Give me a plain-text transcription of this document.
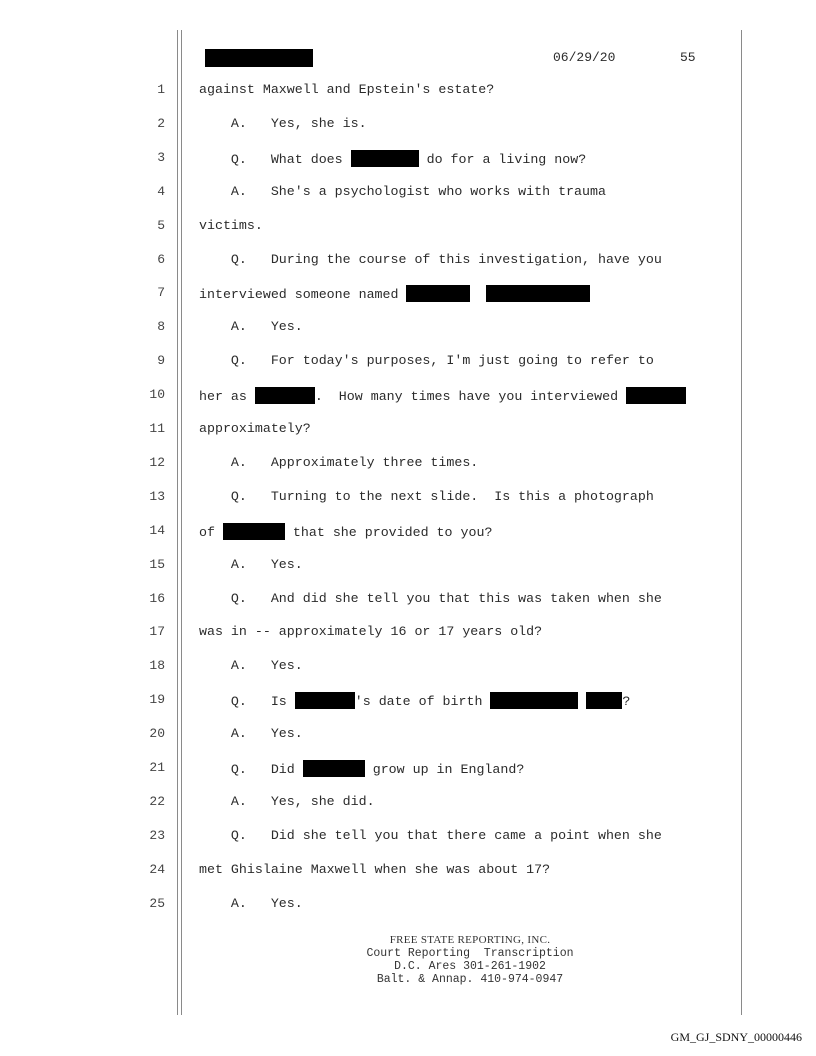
06/29/20	55
1	against Maxwell and Epstein's estate?
2	A.   Yes, she is.
3	Q.   What does	do for a living now?
4	A.   She's a psychologist who works with trauma
5	victims.
6	Q.   During the course of this investigation, have you
7	interviewed someone named
8	A.   Yes.
9	Q.   For today's purposes, I'm just going to refer to
10	her as	.  How many times have you interviewed
11	approximately?
12	A.   Approximately three times.
13	Q.   Turning to the next slide.  Is this a photograph
14	of	that she provided to you?
15	A.   Yes.
16	Q.   And did she tell you that this was taken when she
17	was in -- approximately 16 or 17 years old?
18	A.   Yes.
19	Q.   Is	's date of birth	?
20	A.   Yes.
21	Q.   Did	grow up in England?
22	A.   Yes, she did.
23	Q.   Did she tell you that there came a point when she
24	met Ghislaine Maxwell when she was about 17?
25	A.   Yes.
FREE STATE REPORTING, INC.
Court Reporting  Transcription
D.C. Ares 301-261-1902
Balt. & Annap. 410-974-0947
GM_GJ_SDNY_00000446
